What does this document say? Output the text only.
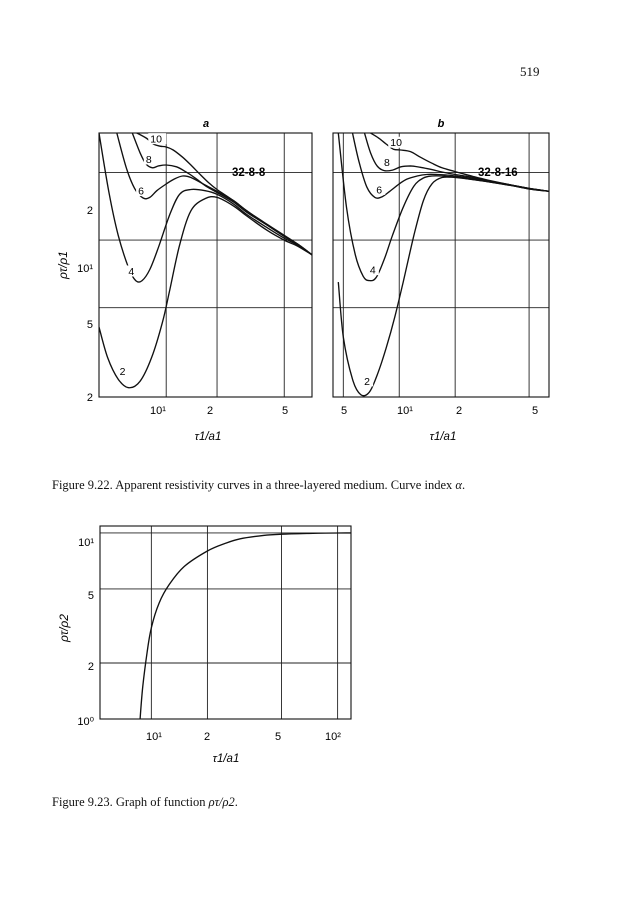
519
a
2
4
6
8
10
32-8-8
2
10¹
5
2
10¹	2	5
τ1/a1
ρτ/ρ1
b
2
4
6
8
10
32-8-16
5	10¹	2	5
τ1/a1
10¹
5
2
10⁰
10¹	2	5	10²
τ1/a1
ρτ/ρ2
Figure 9.22. Apparent resistivity curves in a three-layered medium. Curve index α.
Figure 9.23. Graph of function ρτ/ρ2.
